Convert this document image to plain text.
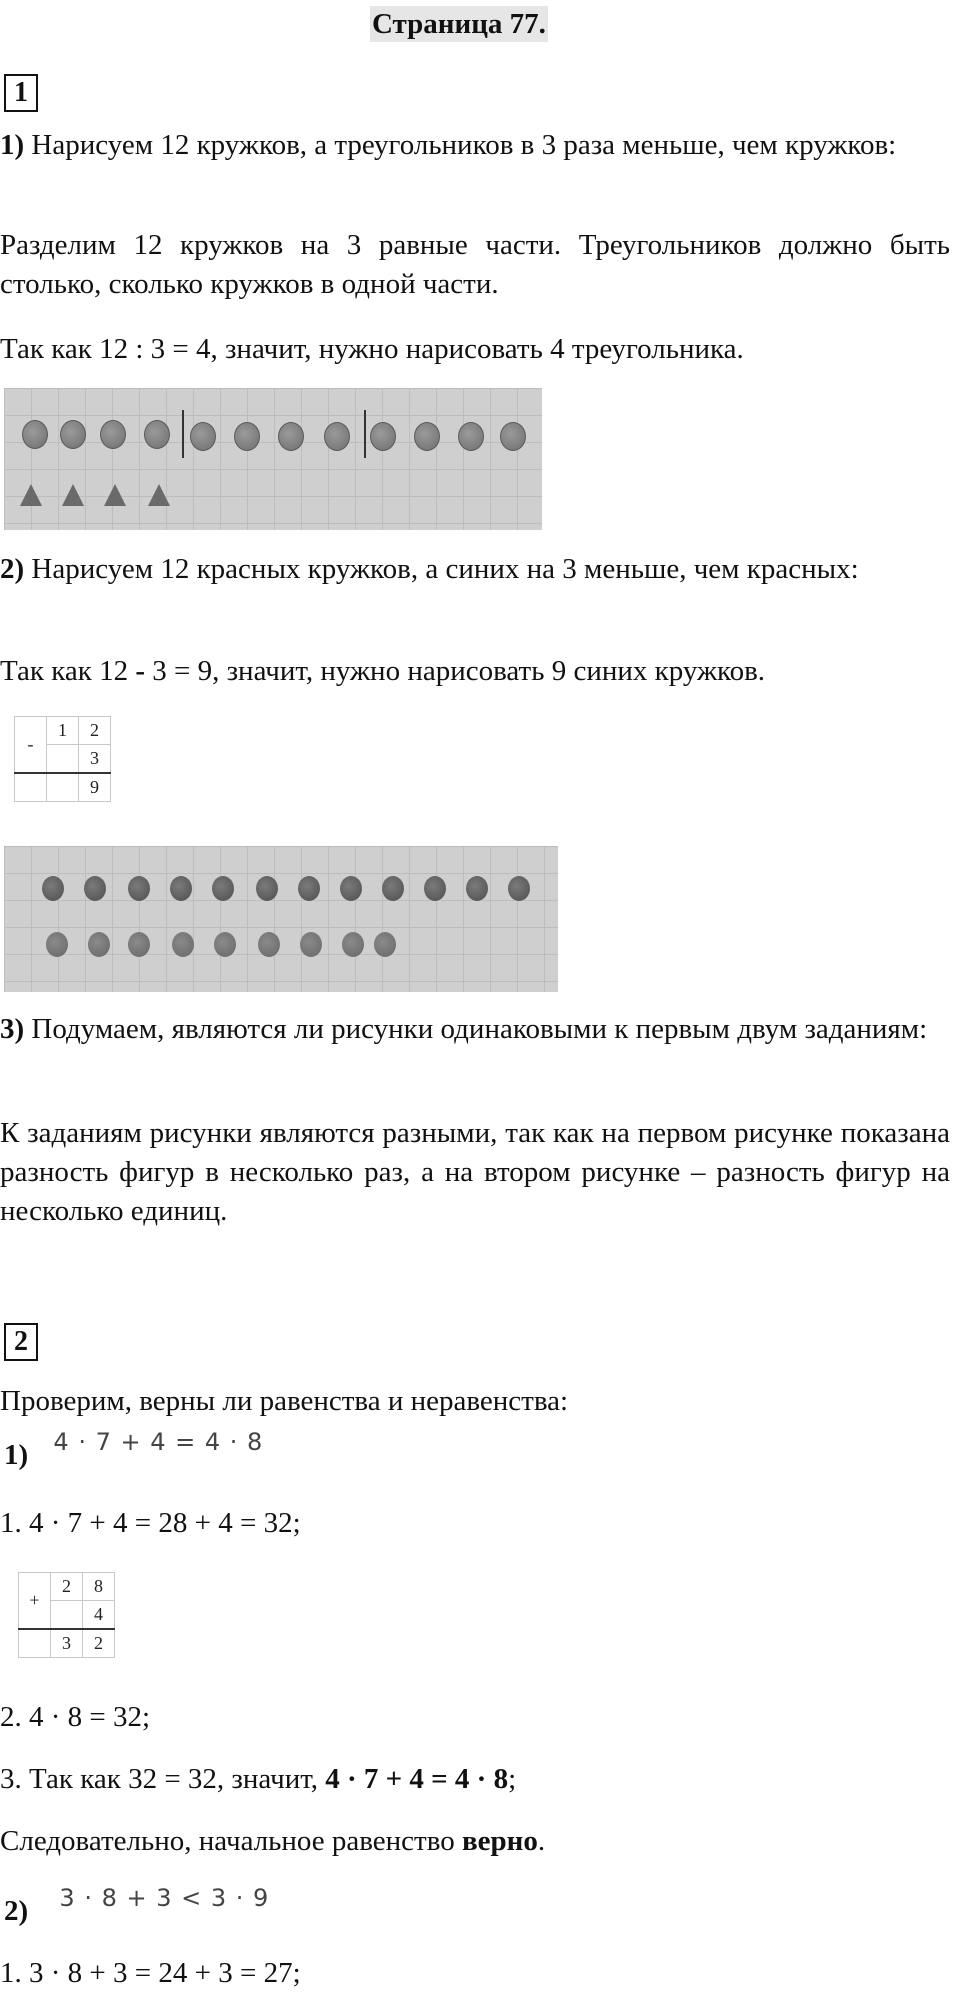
Страница 77.
1

1) Нарисуем 12 кружков, а треугольников в 3 раза меньше, чем кружков:

Разделим 12 кружков на 3 равные части. Треугольников должно быть столько, сколько кружков в одной части.

Так как 12 : 3 = 4, значит, нужно нарисовать 4 треугольника.

2) Нарисуем 12 красных кружков, а синих на 3 меньше, чем красных:

Так как 12 - 3 = 9, значит, нужно нарисовать 9 синих кружков.

-	1	2
		3
		9

3) Подумаем, являются ли рисунки одинаковыми к первым двум заданиям:

К заданиям рисунки являются разными, так как на первом рисунке показана разность фигур в несколько раз, а на втором рисунке – разность фигур на несколько единиц.

2

Проверим, верны ли равенства и неравенства:

1) $^{4 \cdot 7 + 4 = 4 \cdot 8}$

1. 4 · 7 + 4 = 28 + 4 = 32;

+	2	8
		4
	3	2

2. 4 · 8 = 32;

3. Так как 32 = 32, значит, 4 · 7 + 4 = 4 · 8;

Следовательно, начальное равенство верно.

2) $^{3 \cdot 8 + 3 < 3 \cdot 9}$

1. 3 · 8 + 3 = 24 + 3 = 27;
